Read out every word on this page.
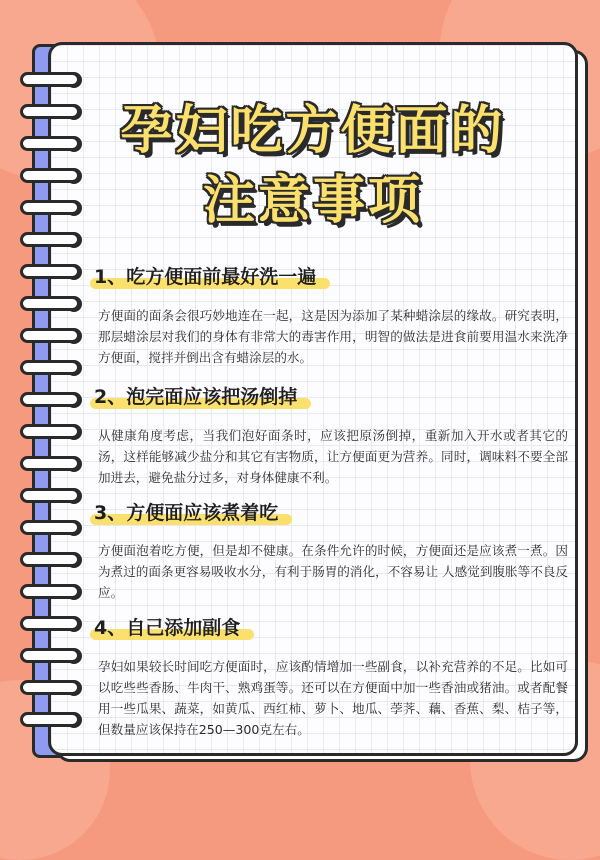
孕妇吃方便面的
注意事项
1、吃方便面前最好洗一遍
方便面的面条会很巧妙地连在一起，这是因为添加了某种蜡涂层的缘故。研究表明，那层蜡涂层对我们的身体有非常大的毒害作用，明智的做法是进食前要用温水来洗净方便面，搅拌并倒出含有蜡涂层的水。
2、泡完面应该把汤倒掉
从健康角度考虑，当我们泡好面条时，应该把原汤倒掉，重新加入开水或者其它的汤，这样能够减少盐分和其它有害物质，让方便面更为营养。同时，调味料不要全部加进去，避免盐分过多，对身体健康不利。
3、方便面应该煮着吃
方便面泡着吃方便，但是却不健康。在条件允许的时候，方便面还是应该煮一煮。因为煮过的面条更容易吸收水分，有利于肠胃的消化，不容易让 人感觉到腹胀等不良反应。
4、自己添加副食
孕妇如果较长时间吃方便面时，应该酌情增加一些副食，以补充营养的不足。比如可以吃些些香肠、牛肉干、熟鸡蛋等。还可以在方便面中加一些香油或猪油。或者配餐用一些瓜果、蔬菜，如黄瓜、西红柿、萝卜、地瓜、荸荠、藕、香蕉、梨、桔子等，但数量应该保持在250—300克左右。
